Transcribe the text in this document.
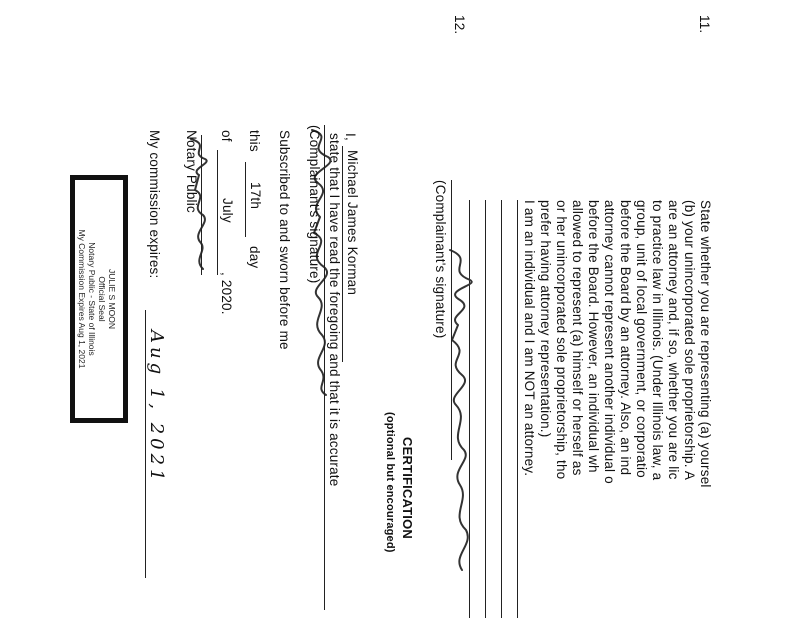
11.
State whether you are representing (a) yoursel
(b) your unincorporated sole proprietorship. A
are an attorney and, if so, whether you are lic
to practice law in Illinois. (Under Illinois law, a
group, unit of local government, or corporatio
before the Board by an attorney. Also, an ind
attorney cannot represent another individual o
before the Board. However, an individual wh
allowed to represent (a) himself or herself as
or her unincorporated sole proprietorship, tho
prefer having attorney representation.)
I am an individual and I am NOT an attorney.
12.
(Complainant's signature)
CERTIFICATION
(optional but encouraged)
I,
Michael James Korman
state that I have read the foregoing and that it is accurate
(Complainant's signature)
Subscribed to and sworn before me
this
17th
day
of
July
, 2020.
Notary Public
My commission expires:
Aug 1, 2021
JULIE S MOON
Official Seal
Notary Public - State of Illinois
My Commission Expires Aug 1, 2021
